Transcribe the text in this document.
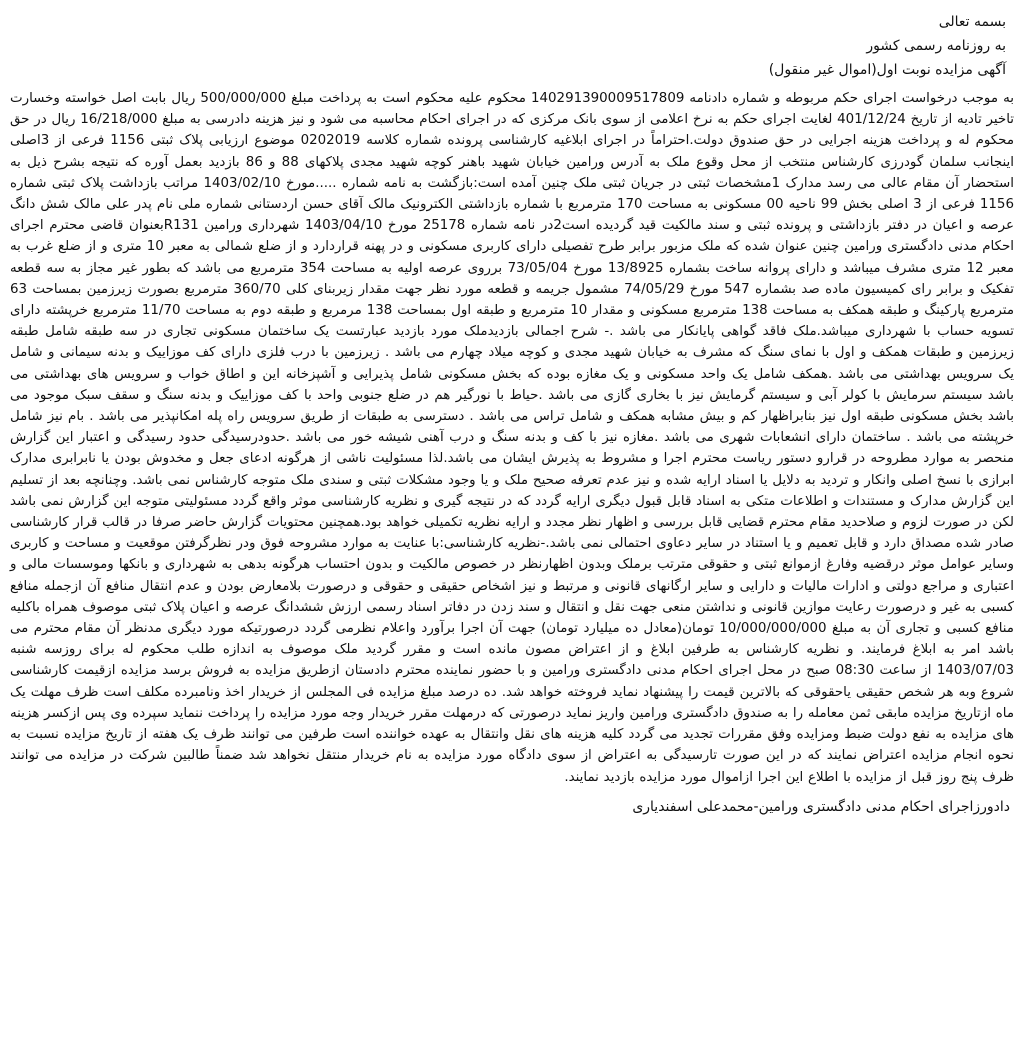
بسمه تعالی
به روزنامه رسمی کشور
آگهی مزایده نوبت اول(اموال غیر منقول)

به موجب درخواست اجرای حکم مربوطه و شماره دادنامه 140291390009517809 محکوم علیه محکوم است به پرداخت مبلغ 500/000/000 ریال بابت اصل خواسته وخسارت تاخیر تادیه از تاریخ 401/12/24 لغایت اجرای حکم به نرخ اعلامی از سوی بانک مرکزی که در اجرای احکام محاسبه می شود و نیز هزینه دادرسی به مبلغ 16/218/000 ریال در حق محکوم له و پرداخت هزینه اجرایی در حق صندوق دولت.احتراماً در اجرای ابلاغیه کارشناسی پرونده شماره کلاسه 0202019 موضوع ارزیابی پلاک ثبتی 1156 فرعی از 3اصلی اینجانب سلمان گودرزی کارشناس منتخب از محل وقوع ملک به آدرس ورامین خیابان شهید باهنر کوچه شهید مجدی پلاکهای 88 و 86 بازدید بعمل آوره که نتیجه بشرح ذیل به استحضار آن مقام عالی می رسد مدارک 1مشخصات ثبتی در جریان ثبتی ملک چنین آمده است:بازگشت به نامه شماره .....مورخ 1403/02/10 مراتب بازداشت پلاک ثبتی شماره 1156 فرعی از 3 اصلی بخش 99 ناحیه 00 مسکونی به مساحت 170 مترمربع با شماره بازداشتی الکترونیک مالک آقای حسن اردستانی شماره ملی نام پدر علی مالک شش دانگ عرصه و اعیان در دفتر بازداشتی و پرونده ثبتی و سند مالکیت قید گردیده است2در نامه شماره 25178 مورخ 1403/04/10 شهرداری ورامین R131بعنوان قاضی محترم اجرای احکام مدنی دادگستری ورامین چنین عنوان شده که ملک مزبور برابر طرح تفصیلی دارای کاربری مسکونی و در پهنه قراردارد و از ضلع شمالی به معبر 10 متری و از ضلع غرب به معبر 12 متری مشرف میباشد و دارای پروانه ساخت بشماره 13/8925 مورخ 73/05/04 برروی عرصه اولیه به مساحت 354 مترمربع می باشد که بطور غیر مجاز به سه قطعه تفکیک و برابر رای کمیسیون ماده صد بشماره 547 مورخ 74/05/29 مشمول جریمه و قطعه مورد نظر جهت مقدار زیربنای کلی 360/70 مترمربع بصورت زیرزمین بمساحت 63 مترمربع پارکینگ و طبقه همکف به مساحت 138 مترمربع مسکونی و مقدار 10 مترمربع و طبقه اول بمساحت 138 مرمربع و طبقه دوم به مساحت 11/70 مترمربع خرپشته دارای تسویه حساب با شهرداری میباشد.ملک فاقد گواهی پایانکار می باشد .- شرح اجمالی بازدیدملک مورد بازدید عبارتست یک ساختمان مسکونی تجاری در سه طبقه شامل طبقه زیرزمین و طبقات همکف و اول با نمای سنگ که مشرف به خیابان شهید مجدی و کوچه میلاد چهارم می باشد . زیرزمین با درب فلزی دارای کف موزاییک و بدنه سیمانی و شامل یک سرویس بهداشتی می باشد .همکف شامل یک واحد مسکونی و یک مغازه بوده که بخش مسکونی شامل پذیرایی و آشپزخانه این و اطاق خواب و سرویس های بهداشتی می باشد سیستم سرمایش با کولر آبی و سیستم گرمایش نیز با بخاری گازی می باشد .حیاط با نورگیر هم در ضلع جنوبی واحد با کف موزاییک و بدنه سنگ و سقف سبک موجود می باشد بخش مسکونی طبقه اول نیز بنابراظهار کم و بیش مشابه همکف و شامل تراس می باشد . دسترسی به طبقات از طریق سرویس راه پله امکانپذیر می باشد . بام نیز شامل خرپشته می باشد . ساختمان دارای انشعابات شهری می باشد .مغازه نیز با کف و بدنه سنگ و درب آهنی شیشه خور می باشد .حدودرسیدگی حدود رسیدگی و اعتبار این گزارش منحصر به موارد مطروحه در قرارو دستور ریاست محترم اجرا و مشروط به پذیرش ایشان می باشد.لذا مسئولیت ناشی از هرگونه ادعای جعل و مخدوش بودن یا نابرابری مدارک ابرازی با نسخ اصلی وانکار و تردید به دلایل یا اسناد ارایه شده و نیز عدم تعرفه صحیح ملک و یا وجود مشکلات ثبتی و سندی ملک متوجه کارشناس نمی باشد. وچنانچه بعد از تسلیم این گزارش مدارک و مستندات و اطلاعات متکی به اسناد قابل قبول دیگری ارایه گردد که در نتیجه گیری و نظریه کارشناسی موثر واقع گردد مسئولیتی متوجه این گزارش نمی باشد لکن در صورت لزوم و صلاحدید مقام محترم قضایی قابل بررسی و اظهار نظر مجدد و ارایه نظریه تکمیلی خواهد بود.همچنین محتویات گزارش حاضر صرفا در قالب قرار کارشناسی صادر شده مصداق دارد و قابل تعمیم و یا استناد در سایر دعاوی احتمالی نمی باشد.-نظریه کارشناسی:با عنایت به موارد مشروحه فوق ودر نظرگرفتن موقعیت و مساحت و کاربری وسایر عوامل موثر درقضیه وفارغ ازموانع ثبتی و حقوقی مترتب برملک وبدون اظهارنظر در خصوص مالکیت و بدون احتساب هرگونه بدهی به شهرداری و بانکها وموسسات مالی و اعتباری و مراجع دولتی و ادارات مالیات و دارایی و سایر ارگانهای قانونی و مرتبط و نیز اشخاص حقیقی و حقوقی و درصورت بلامعارض بودن و عدم انتقال منافع آن ازجمله منافع کسبی به غیر و درصورت رعایت موازین قانونی و نداشتن منعی جهت نقل و انتقال و سند زدن در دفاتر اسناد رسمی ارزش ششدانگ عرصه و اعیان پلاک ثبتی موصوف همراه باکلیه منافع کسبی و تجاری آن به مبلغ 10/000/000/000 تومان(معادل ده میلیارد تومان) جهت آن اجرا برآورد واعلام نظرمی گردد درصورتیکه مورد دیگری مدنظر آن مقام محترم می باشد امر به ابلاغ فرمایند. و نظریه کارشناس به طرفین ابلاغ و از اعتراض مصون مانده است و مقرر گردید ملک موصوف به اندازه طلب محکوم له برای روزسه شنبه 1403/07/03 از ساعت 08:30 صبح در محل اجرای احکام مدنی دادگستری ورامین و با حضور نماینده محترم دادستان ازطریق مزایده به فروش برسد مزایده ازقیمت کارشناسی شروع وبه هر شخص حقیقی یاحقوقی که بالاترین قیمت را پیشنهاد نماید فروخته خواهد شد. ده درصد مبلغ مزایده فی المجلس از خریدار اخذ ونامبرده مکلف است ظرف مهلت یک ماه ازتاریخ مزایده مابقی ثمن معامله را به صندوق دادگستری ورامین واریز نماید درصورتی که درمهلت مقرر خریدار وجه مورد مزایده را پرداخت ننماید سپرده وی پس ازکسر هزینه های مزایده به نفع دولت ضبط ومزایده وفق مقررات تجدید می گردد کلیه هزینه های نقل وانتقال به عهده خواننده است طرفین می توانند ظرف یک هفته از تاریخ مزایده نسبت به نحوه انجام مزایده اعتراض نمایند که در این صورت تارسیدگی به اعتراض از سوی دادگاه مورد مزایده به نام خریدار منتقل نخواهد شد ضمناً طالبین شرکت در مزایده می توانند ظرف پنج روز قبل از مزایده با اطلاع این اجرا ازاموال مورد مزایده بازدید نمایند.

دادورزاجرای احکام مدنی دادگستری ورامین-محمدعلی اسفندیاری
